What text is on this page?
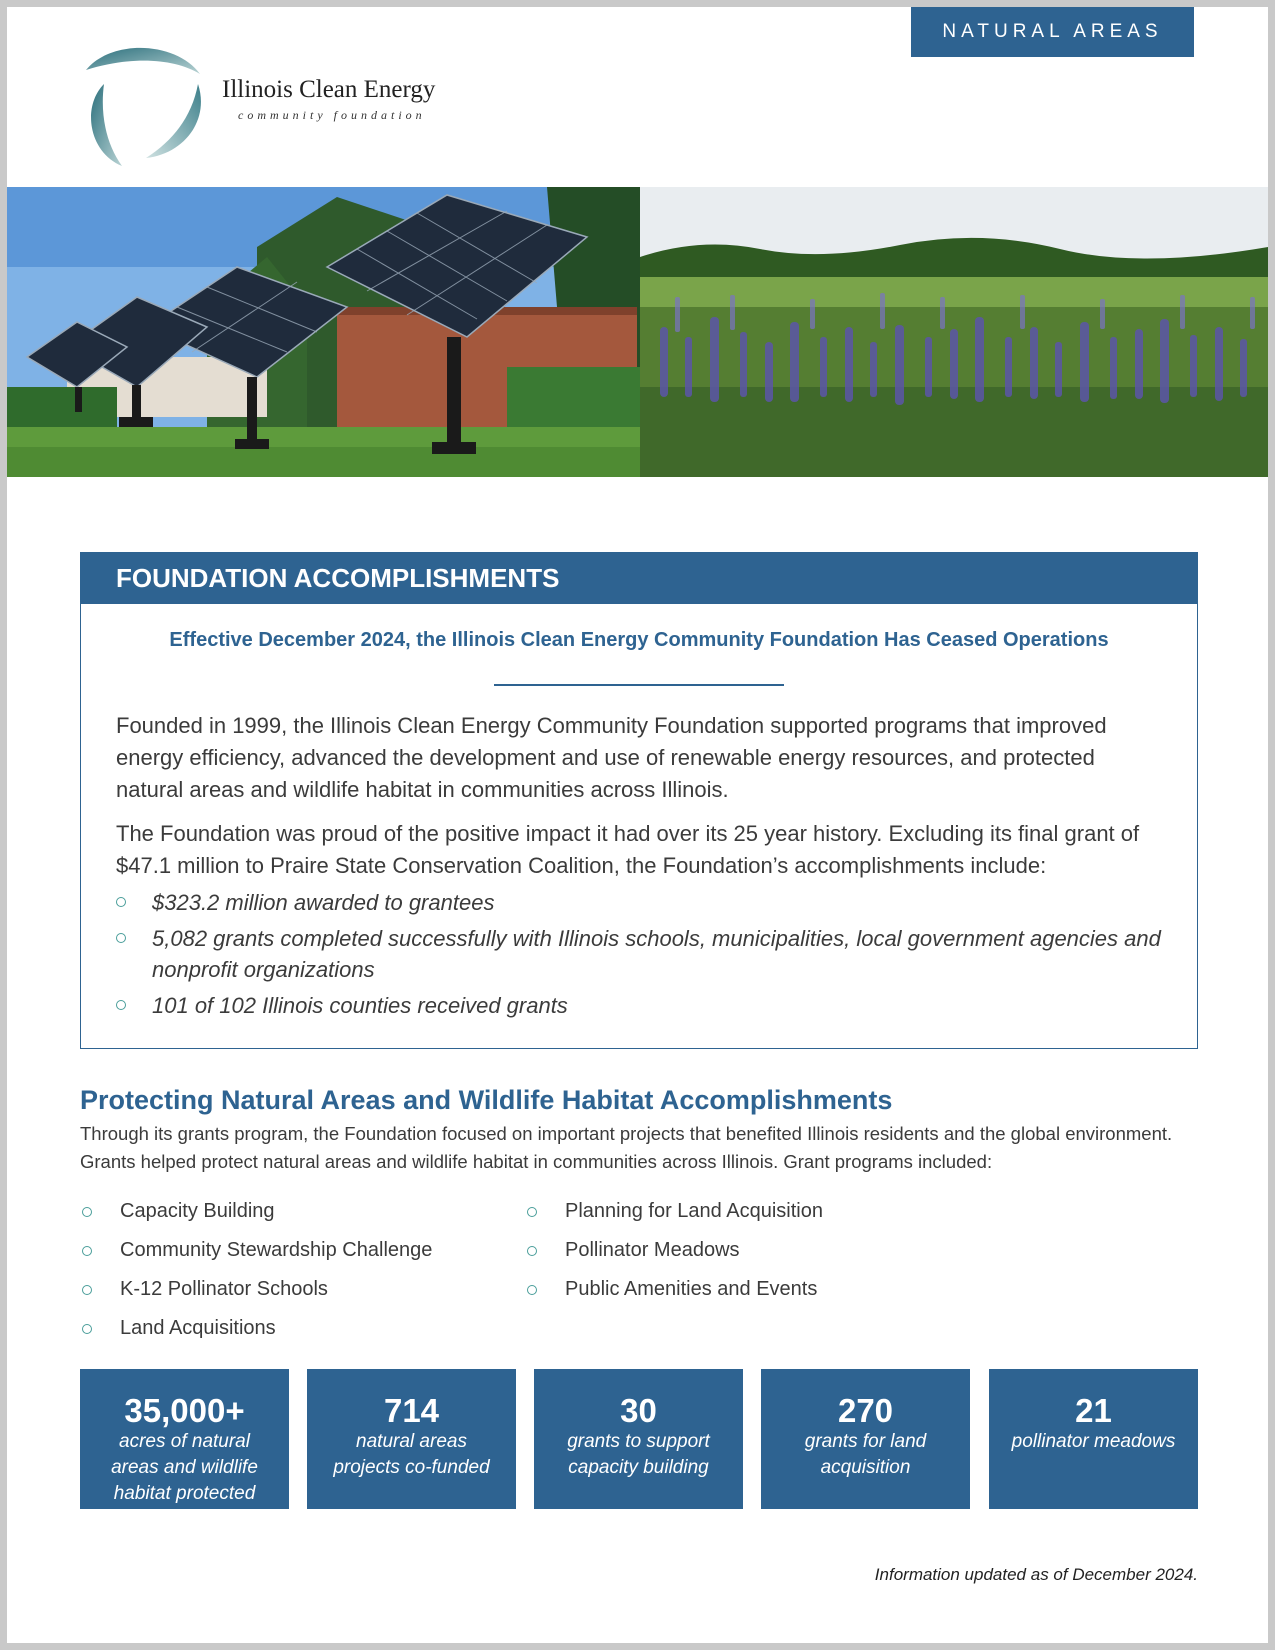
NATURAL AREAS
Illinois Clean Energy
community foundation
FOUNDATION ACCOMPLISHMENTS
Effective December 2024, the Illinois Clean Energy Community Foundation Has Ceased Operations

Founded in 1999, the Illinois Clean Energy Community Foundation supported programs that improved energy efficiency, advanced the development and use of renewable energy resources, and protected natural areas and wildlife habitat in communities across Illinois.

The Foundation was proud of the positive impact it had over its 25 year history. Excluding its final grant of $47.1 million to Praire State Conservation Coalition, the Foundation’s accomplishments include:

$323.2 million awarded to grantees
5,082 grants completed successfully with Illinois schools, municipalities, local government agencies and nonprofit organizations
101 of 102 Illinois counties received grants
Protecting Natural Areas and Wildlife Habitat Accomplishments
Through its grants program, the Foundation focused on important projects that benefited Illinois residents and the global environment. Grants helped protect natural areas and wildlife habitat in communities across Illinois. Grant programs included:
Capacity Building
Community Stewardship Challenge
K-12 Pollinator Schools
Land Acquisitions
Planning for Land Acquisition
Pollinator Meadows
Public Amenities and Events
35,000+
acres of natural areas and wildlife habitat protected
714
natural areas projects co-funded
30
grants to support capacity building
270
grants for land acquisition
21
pollinator meadows
Information updated as of December 2024.
